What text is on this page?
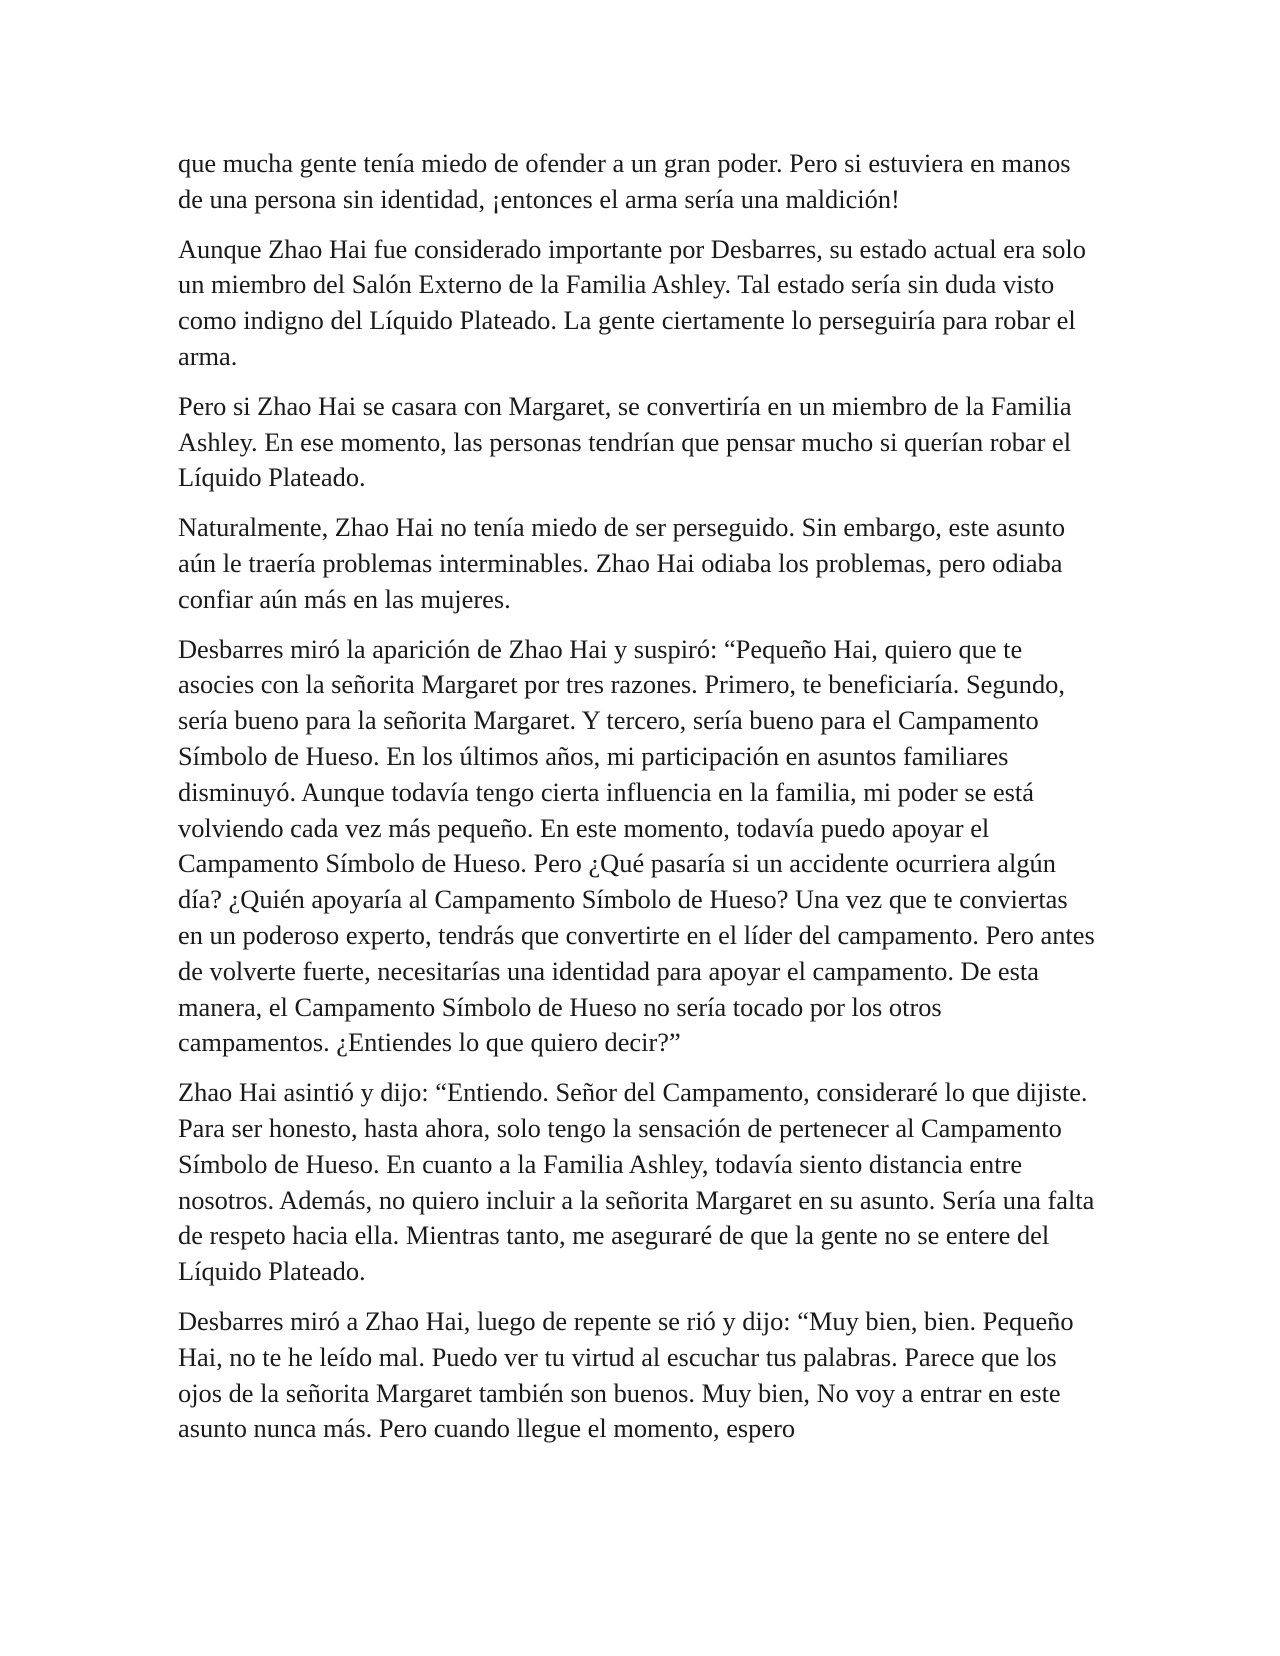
que mucha gente tenía miedo de ofender a un gran poder. Pero si estuviera en manos de una persona sin identidad, ¡entonces el arma sería una maldición!

Aunque Zhao Hai fue considerado importante por Desbarres, su estado actual era solo un miembro del Salón Externo de la Familia Ashley. Tal estado sería sin duda visto como indigno del Líquido Plateado. La gente ciertamente lo perseguiría para robar el arma.

Pero si Zhao Hai se casara con Margaret, se convertiría en un miembro de la Familia Ashley. En ese momento, las personas tendrían que pensar mucho si querían robar el Líquido Plateado.

Naturalmente, Zhao Hai no tenía miedo de ser perseguido. Sin embargo, este asunto aún le traería problemas interminables. Zhao Hai odiaba los problemas, pero odiaba confiar aún más en las mujeres.

Desbarres miró la aparición de Zhao Hai y suspiró: “Pequeño Hai, quiero que te asocies con la señorita Margaret por tres razones. Primero, te beneficiaría. Segundo, sería bueno para la señorita Margaret. Y tercero, sería bueno para el Campamento Símbolo de Hueso. En los últimos años, mi participación en asuntos familiares disminuyó. Aunque todavía tengo cierta influencia en la familia, mi poder se está volviendo cada vez más pequeño. En este momento, todavía puedo apoyar el Campamento Símbolo de Hueso. Pero ¿Qué pasaría si un accidente ocurriera algún día? ¿Quién apoyaría al Campamento Símbolo de Hueso? Una vez que te conviertas en un poderoso experto, tendrás que convertirte en el líder del campamento. Pero antes de volverte fuerte, necesitarías una identidad para apoyar el campamento. De esta manera, el Campamento Símbolo de Hueso no sería tocado por los otros campamentos. ¿Entiendes lo que quiero decir?”

Zhao Hai asintió y dijo: “Entiendo. Señor del Campamento, consideraré lo que dijiste. Para ser honesto, hasta ahora, solo tengo la sensación de pertenecer al Campamento Símbolo de Hueso. En cuanto a la Familia Ashley, todavía siento distancia entre nosotros. Además, no quiero incluir a la señorita Margaret en su asunto. Sería una falta de respeto hacia ella. Mientras tanto, me aseguraré de que la gente no se entere del Líquido Plateado.

Desbarres miró a Zhao Hai, luego de repente se rió y dijo: “Muy bien, bien. Pequeño Hai, no te he leído mal. Puedo ver tu virtud al escuchar tus palabras. Parece que los ojos de la señorita Margaret también son buenos. Muy bien, No voy a entrar en este asunto nunca más. Pero cuando llegue el momento, espero
